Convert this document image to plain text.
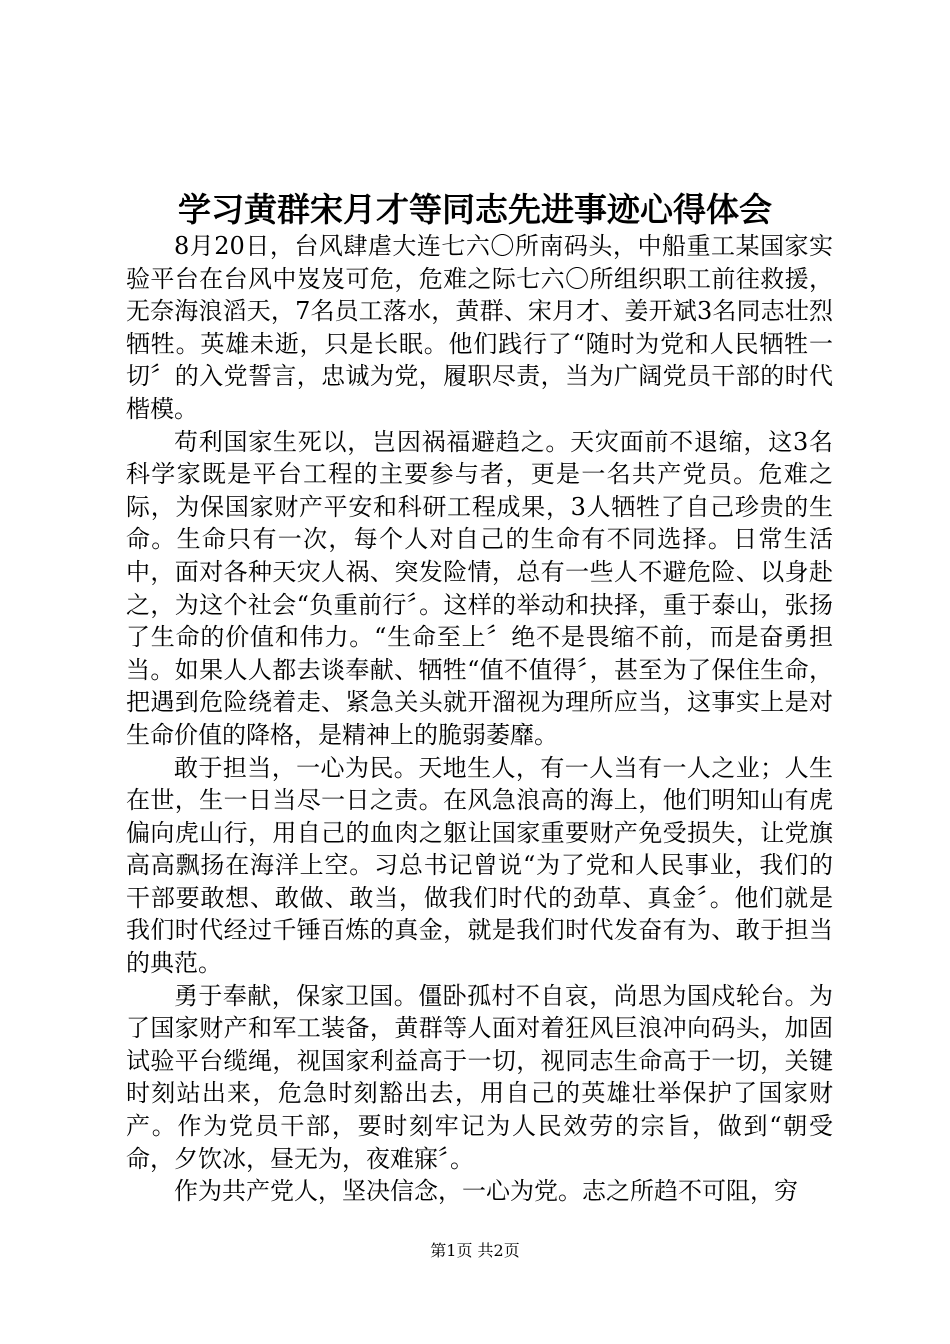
学习黄群宋月才等同志先进事迹心得体会

8月20日，台风肆虐大连七六〇所南码头，中船重工某国家实验平台在台风中岌岌可危，危难之际七六〇所组织职工前往救援，无奈海浪滔天，7名员工落水，黄群、宋月才、姜开斌3名同志壮烈牺牲。英雄未逝，只是长眠。他们践行了“随时为党和人民牺牲一切〞的入党誓言，忠诚为党，履职尽责，当为广阔党员干部的时代楷模。

苟利国家生死以，岂因祸福避趋之。天灾面前不退缩，这3名科学家既是平台工程的主要参与者，更是一名共产党员。危难之际，为保国家财产平安和科研工程成果，3人牺牲了自己珍贵的生命。生命只有一次，每个人对自己的生命有不同选择。日常生活中，面对各种天灾人祸、突发险情，总有一些人不避危险、以身赴之，为这个社会“负重前行〞。这样的举动和抉择，重于泰山，张扬了生命的价值和伟力。“生命至上〞绝不是畏缩不前，而是奋勇担当。如果人人都去谈奉献、牺牲“值不值得〞，甚至为了保住生命，把遇到危险绕着走、紧急关头就开溜视为理所应当，这事实上是对生命价值的降格，是精神上的脆弱萎靡。

敢于担当，一心为民。天地生人，有一人当有一人之业；人生在世，生一日当尽一日之责。在风急浪高的海上，他们明知山有虎偏向虎山行，用自己的血肉之躯让国家重要财产免受损失，让党旗高高飘扬在海洋上空。习总书记曾说“为了党和人民事业，我们的干部要敢想、敢做、敢当，做我们时代的劲草、真金〞。他们就是我们时代经过千锤百炼的真金，就是我们时代发奋有为、敢于担当的典范。

勇于奉献，保家卫国。僵卧孤村不自哀，尚思为国戍轮台。为了国家财产和军工装备，黄群等人面对着狂风巨浪冲向码头，加固试验平台缆绳，视国家利益高于一切，视同志生命高于一切，关键时刻站出来，危急时刻豁出去，用自己的英雄壮举保护了国家财产。作为党员干部，要时刻牢记为人民效劳的宗旨，做到“朝受命，夕饮冰，昼无为，夜难寐〞。

作为共产党人，坚决信念，一心为党。志之所趋不可阻，穷

第1页 共2页
